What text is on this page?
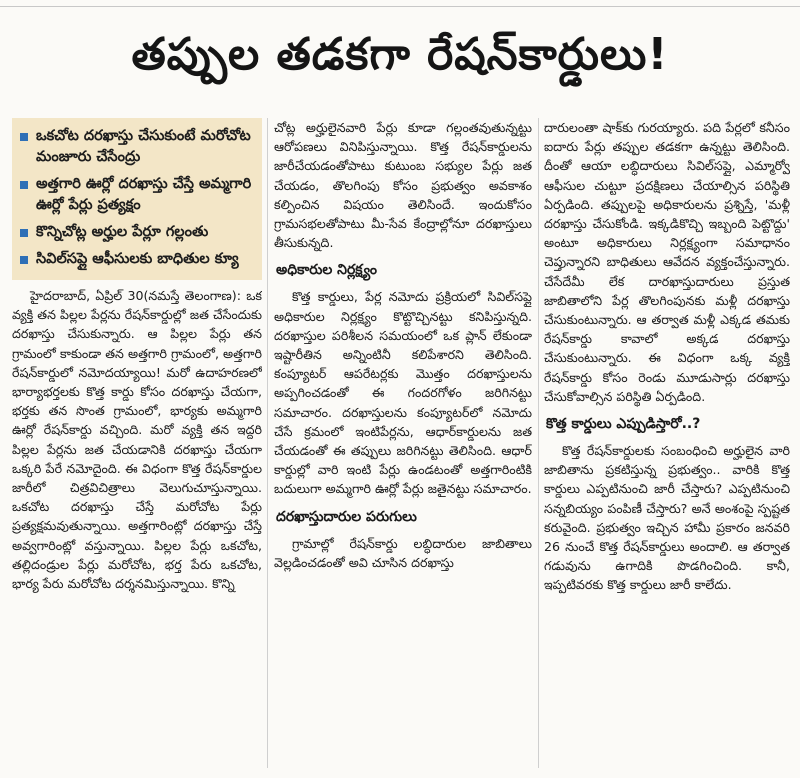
తప్పుల తడకగా రేషన్‌కార్డులు!
ఒకచోట దరఖాస్తు చేసుకుంటే మరోచోట మంజూరు చేసేంద్రు
అత్తగారి ఊర్లో దరఖాస్తు చేస్తే అమ్మగారి ఊర్లో పేర్లు ప్రత్యక్షం
కొన్నిచోట్ల అర్హుల పేర్లూ గల్లంతు
సివిల్‌సప్లై ఆఫీసులకు బాధితుల క్యూ

హైదరాబాద్, ఏప్రిల్ 30(నమస్తే తెలంగాణ): ఒక వ్యక్తి తన పిల్లల పేర్లను రేషన్‌కార్డుల్లో జత చేసేందుకు దరఖాస్తు చేసుకున్నారు. ఆ పిల్లల పేర్లు తన గ్రామంలో కాకుండా తన అత్తగారి గ్రామంలో, అత్తగారి రేషన్‌కార్డులో నమోదయ్యాయి! మరో ఉదాహరణలో భార్యాభర్తలకు కొత్త కార్డు కోసం దరఖాస్తు చేయగా, భర్తకు తన సొంత గ్రామంలో, భార్యకు అమ్మగారి ఊర్లో రేషన్‌కార్డు వచ్చింది. మరో వ్యక్తి తన ఇద్దరి పిల్లల పేర్లను జత చేయడానికి దరఖాస్తు చేయగా ఒక్కరి పేరే నమోదైంది. ఈ విధంగా కొత్త రేషన్‌కార్డుల జారీలో చిత్రవిచిత్రాలు వెలుగుచూస్తున్నాయి. ఒకచోట దరఖాస్తు చేస్తే మరోచోట పేర్లు ప్రత్యక్షమవుతున్నాయి. అత్తగారింట్లో దరఖాస్తు చేస్తే అవ్వగారింట్లో వస్తున్నాయి. పిల్లల పేర్లు ఒకచోట, తల్లిదండ్రుల పేర్లు మరోచోట, భర్త పేరు ఒకచోట, భార్య పేరు మరోచోట దర్శనమిస్తున్నాయి. కొన్ని

చోట్ల అర్హులైనవారి పేర్లు కూడా గల్లంతవుతున్నట్టు ఆరోపణలు వినిపిస్తున్నాయి. కొత్త రేషన్‌కార్డులను జారీచేయడంతోపాటు కుటుంబ సభ్యుల పేర్లు జత చేయడం, తొలగింపు కోసం ప్రభుత్వం అవకాశం కల్పించిన విషయం తెలిసిందే. ఇందుకోసం గ్రామసభలతోపాటు మీ-సేవ కేంద్రాల్లోనూ దరఖాస్తులు తీసుకున్నది.

అధికారుల నిర్లక్ష్యం

కొత్త కార్డులు, పేర్ల నమోదు ప్రక్రియలో సివిల్‌సప్లై అధికారుల నిర్లక్ష్యం కొట్టొచ్చినట్టు కనిపిస్తున్నది. దరఖాస్తుల పరిశీలన సమయంలో ఒక ప్లాన్ లేకుండా ఇష్టారీతిన అన్నింటినీ కలిపేశారని తెలిసింది. కంప్యూటర్ ఆపరేటర్లకు మొత్తం దరఖాస్తులను అప్పగించడంతో ఈ గందరగోళం జరిగినట్టు సమాచారం. దరఖాస్తులను కంప్యూటర్‌లో నమోదు చేసే క్రమంలో ఇంటిపేర్లను, ఆధార్‌కార్డులను జత చేయడంతో ఈ తప్పులు జరిగినట్టు తెలిసింది. ఆధార్ కార్డుల్లో వారి ఇంటి పేర్లు ఉండటంతో అత్తగారింటికి బదులుగా అమ్మగారి ఊర్లో పేర్లు జతైనట్టు సమాచారం.

దరఖాస్తుదారుల పరుగులు

గ్రామాల్లో రేషన్‌కార్డు లబ్ధిదారుల జాబితాలు వెల్లడించడంతో అవి చూసిన దరఖాస్తు

దారులంతా షాక్‌కు గురయ్యారు. పది పేర్లలో కనీసం ఐదారు పేర్లు తప్పుల తడకగా ఉన్నట్టు తెలిసింది. దీంతో ఆయా లబ్ధిదారులు సివిల్‌సప్లై, ఎమ్మార్వో ఆఫీసుల చుట్టూ ప్రదక్షిణలు చేయాల్సిన పరిస్థితి ఏర్పడింది. తప్పులపై అధికారులను ప్రశ్నిస్తే, 'మళ్లీ దరఖాస్తు చేసుకోండి. ఇక్కడికొచ్చి ఇబ్బంది పెట్టొద్దు' అంటూ అధికారులు నిర్లక్ష్యంగా సమాధానం చెప్తున్నారని బాధితులు ఆవేదన వ్యక్తంచేస్తున్నారు. చేసేదేమీ లేక దారఖాస్తుదారులు ప్రస్తుత జాబితాలోని పేర్ల తొలగింపునకు మళ్లీ దరఖాస్తు చేసుకుంటున్నారు. ఆ తర్వాత మళ్లీ ఎక్కడ తమకు రేషన్‌కార్డు కావాలో అక్కడ దరఖాస్తు చేసుకుంటున్నారు. ఈ విధంగా ఒక్క వ్యక్తి రేషన్‌కార్డు కోసం రెండు మూడుసార్లు దరఖాస్తు చేసుకోవాల్సిన పరిస్థితి ఏర్పడింది.

కొత్త కార్డులు ఎప్పుడిస్తారో..?

కొత్త రేషన్‌కార్డులకు సంబంధించి అర్హులైన వారి జాబితాను ప్రకటిస్తున్న ప్రభుత్వం.. వారికి కొత్త కార్డులు ఎప్పటినుంచి జారీ చేస్తారు? ఎప్పటినుంచి సన్నబియ్యం పంపిణీ చేస్తారు? అనే అంశంపై స్పష్టత కరువైంది. ప్రభుత్వం ఇచ్చిన హామీ ప్రకారం జనవరి 26 నుంచే కొత్త రేషన్‌కార్డులు అందాలి. ఆ తర్వాత గడువును ఉగాదికి పొడగించింది. కానీ, ఇప్పటివరకు కొత్త కార్డులు జారీ కాలేదు.
